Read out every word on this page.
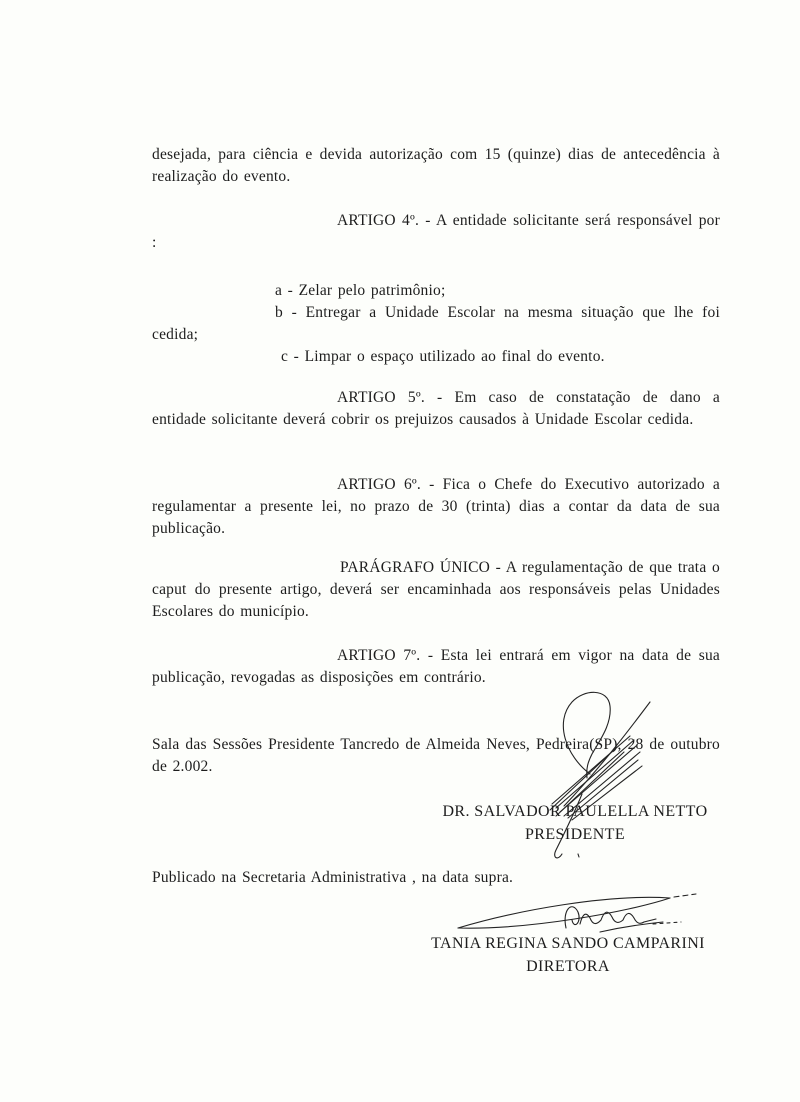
desejada, para ciência e devida autorização com 15 (quinze) dias de antecedência à realização do evento.
ARTIGO 4º. - A entidade solicitante será responsável por :
a - Zelar pelo patrimônio;
b - Entregar a Unidade Escolar na mesma situação que lhe foi cedida;
c - Limpar o espaço utilizado ao final do evento.
ARTIGO 5º. - Em caso de constatação de dano a entidade solicitante deverá cobrir os prejuizos causados à Unidade Escolar cedida.
ARTIGO 6º. - Fica o Chefe do Executivo autorizado a regulamentar a presente lei, no prazo de 30 (trinta) dias a contar da data de sua publicação.
PARÁGRAFO ÚNICO - A regulamentação de que trata o caput do presente artigo, deverá ser encaminhada aos responsáveis pelas Unidades Escolares do município.
ARTIGO 7º. - Esta lei entrará em vigor na data de sua publicação, revogadas as disposições em contrário.
Sala das Sessões Presidente Tancredo de Almeida Neves, Pedreira(SP), 28 de outubro de 2.002.
DR. SALVADOR PAULELLA NETTO
PRESIDENTE
Publicado na Secretaria Administrativa , na data supra.
TANIA REGINA SANDO CAMPARINI
DIRETORA
